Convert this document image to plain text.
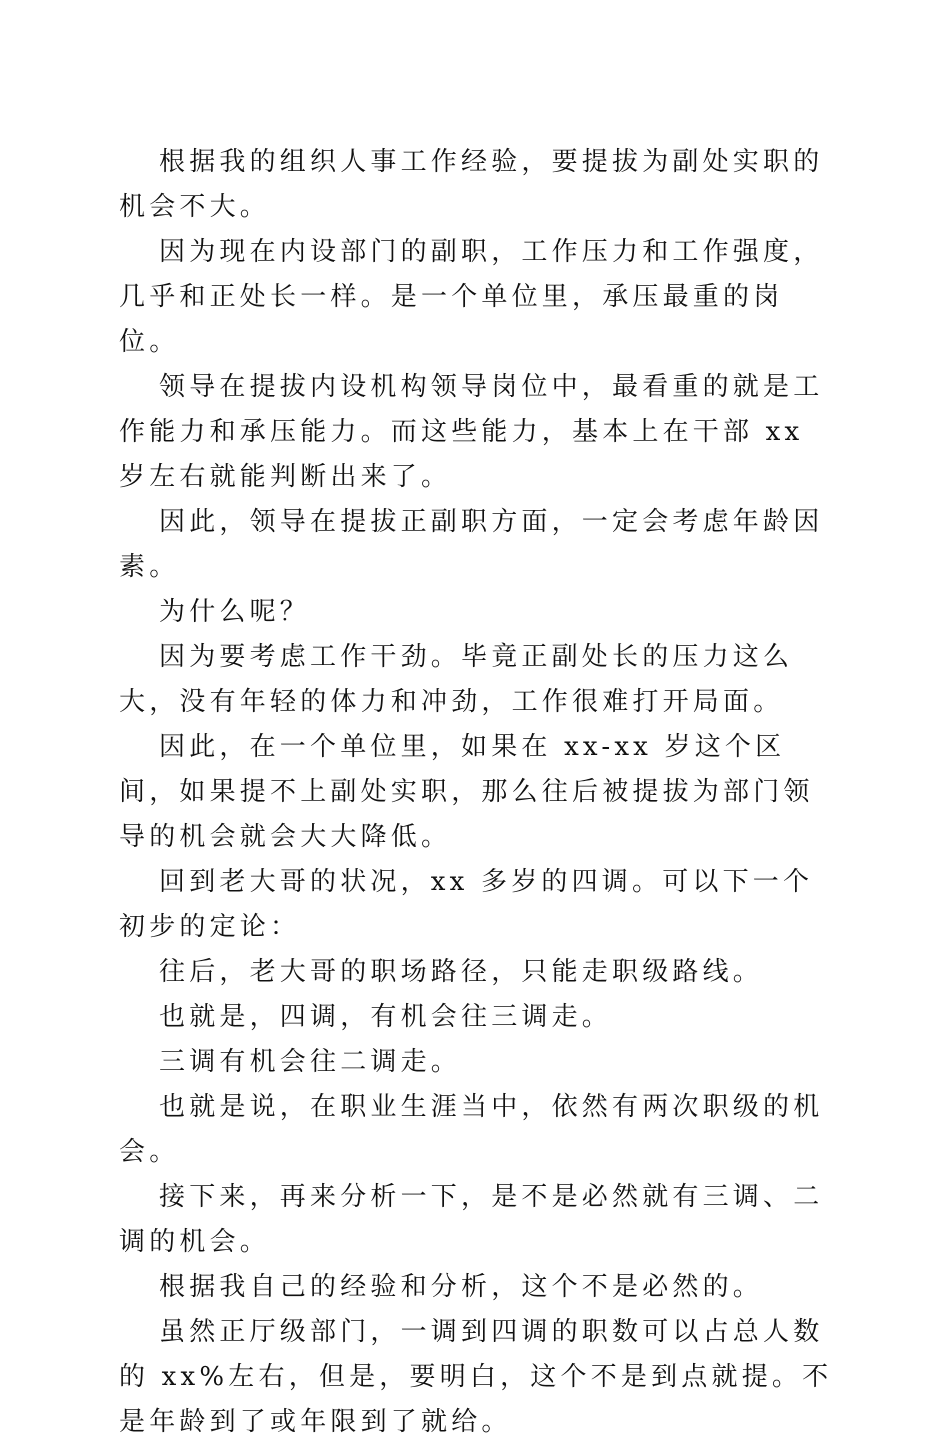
根据我的组织人事工作经验，要提拔为副处实职的机会不大。

因为现在内设部门的副职，工作压力和工作强度，几乎和正处长一样。是一个单位里，承压最重的岗位。

领导在提拔内设机构领导岗位中，最看重的就是工作能力和承压能力。而这些能力，基本上在干部 xx 岁左右就能判断出来了。

因此，领导在提拔正副职方面，一定会考虑年龄因素。

为什么呢？

因为要考虑工作干劲。毕竟正副处长的压力这么大，没有年轻的体力和冲劲，工作很难打开局面。

因此，在一个单位里，如果在 xx-xx 岁这个区间，如果提不上副处实职，那么往后被提拔为部门领导的机会就会大大降低。

回到老大哥的状况，xx 多岁的四调。可以下一个初步的定论：

往后，老大哥的职场路径，只能走职级路线。

也就是，四调，有机会往三调走。

三调有机会往二调走。

也就是说，在职业生涯当中，依然有两次职级的机会。

接下来，再来分析一下，是不是必然就有三调、二调的机会。

根据我自己的经验和分析，这个不是必然的。

虽然正厅级部门，一调到四调的职数可以占总人数的 xx%左右，但是，要明白，这个不是到点就提。不是年龄到了或年限到了就给。
